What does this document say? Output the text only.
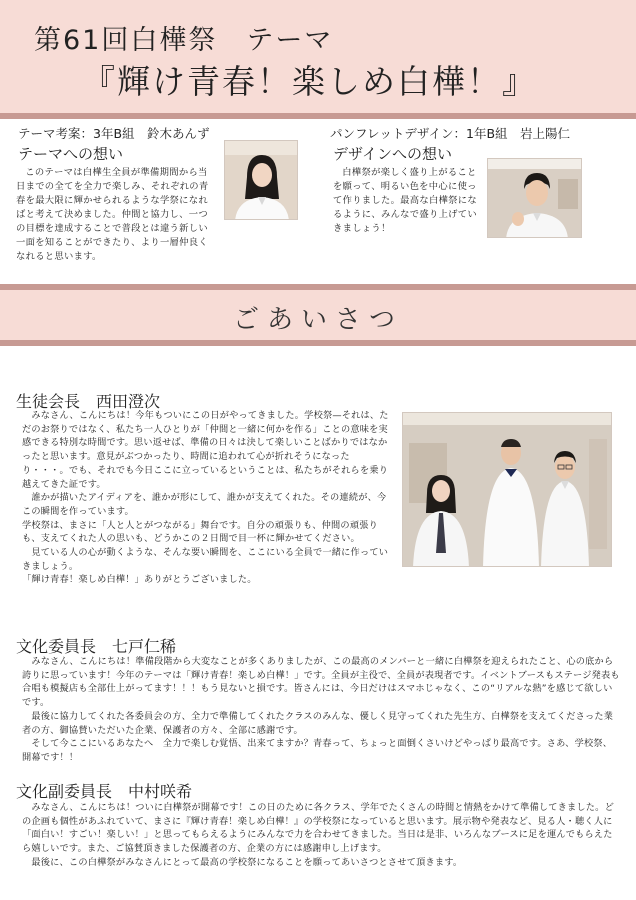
第61回白樺祭　テーマ
『輝け青春！楽しめ白樺！』
テーマ考案：3年B組　鈴木あんず
テーマへの想い
このテーマは白樺生全員が準備期間から当日までの全てを全力で楽しみ、それぞれの青春を最大限に輝かせられるような学祭になればと考えて決めました。仲間と協力し、一つの目標を達成することで普段とは違う新しい一面を知ることができたり、より一層仲良くなれると思います。
パンフレットデザイン：1年B組　岩上陽仁
デザインへの想い
白樺祭が楽しく盛り上がることを願って、明るい色を中心に使って作りました。最高な白樺祭になるように、みんなで盛り上げていきましょう！
ごあいさつ
生徒会長　西田澄次

　みなさん、こんにちは！今年もついにこの日がやってきました。学校祭—それは、ただのお祭りではなく、私たち一人ひとりが「仲間と一緒に何かを作る」ことの意味を実感できる特別な時間です。思い返せば、準備の日々は決して楽しいことばかりではなかったと思います。意見がぶつかったり、時間に追われて心が折れそうになったり・・・。でも、それでも今日ここに立っているということは、私たちがそれらを乗り越えてきた証です。

　誰かが描いたアイディアを、誰かが形にして、誰かが支えてくれた。その連続が、今この瞬間を作っています。

学校祭は、まさに「人と人とがつながる」舞台です。自分の頑張りも、仲間の頑張りも、支えてくれた人の思いも、どうかこの２日間で目一杯に輝かせてください。

　見ている人の心が動くような、そんな要い瞬間を、ここにいる全員で一緒に作っていきましょう。

「輝け青春！楽しめ白樺！」ありがとうございました。

文化委員長　七戸仁稀

　みなさん、こんにちは！準備段階から大変なことが多くありましたが、この最高のメンバーと一緒に白樺祭を迎えられたこと、心の底から誇りに思っています！今年のテーマは「輝け青春！楽しめ白樺！」です。全員が主役で、全員が表現者です。イベントブースもステージ発表も合唱も模擬店も全部仕上がってます！！！もう見ないと損です。皆さんには、今日だけはスマホじゃなく、この“リアルな熱”を感じて欲しいです。

　最後に協力してくれた各委員会の方、全力で準備してくれたクラスのみんな、優しく見守ってくれた先生方、白樺祭を支えてくださった業者の方、御協賛いただいた企業、保護者の方々、全部に感謝です。

　そして今ここにいるあなたへ　全力で楽しむ覚悟、出来てますか？青春って、ちょっと面倒くさいけどやっぱり最高です。さあ、学校祭、開幕です！！

文化副委員長　中村咲希

　みなさん、こんにちは！ついに白樺祭が開幕です！この日のために各クラス、学年でたくさんの時間と情熱をかけて準備してきました。どの企画も個性があふれていて、まさに『輝け青春！楽しめ白樺！』の学校祭になっていると思います。展示物や発表など、見る人・聴く人に「面白い！すごい！楽しい！」と思ってもらえるようにみんなで力を合わせてきました。当日は是非、いろんなブースに足を運んでもらえたら嬉しいです。また、ご協賛頂きました保護者の方、企業の方には感謝申し上げます。

　最後に、この白樺祭がみなさんにとって最高の学校祭になることを願ってあいさつとさせて頂きます。
